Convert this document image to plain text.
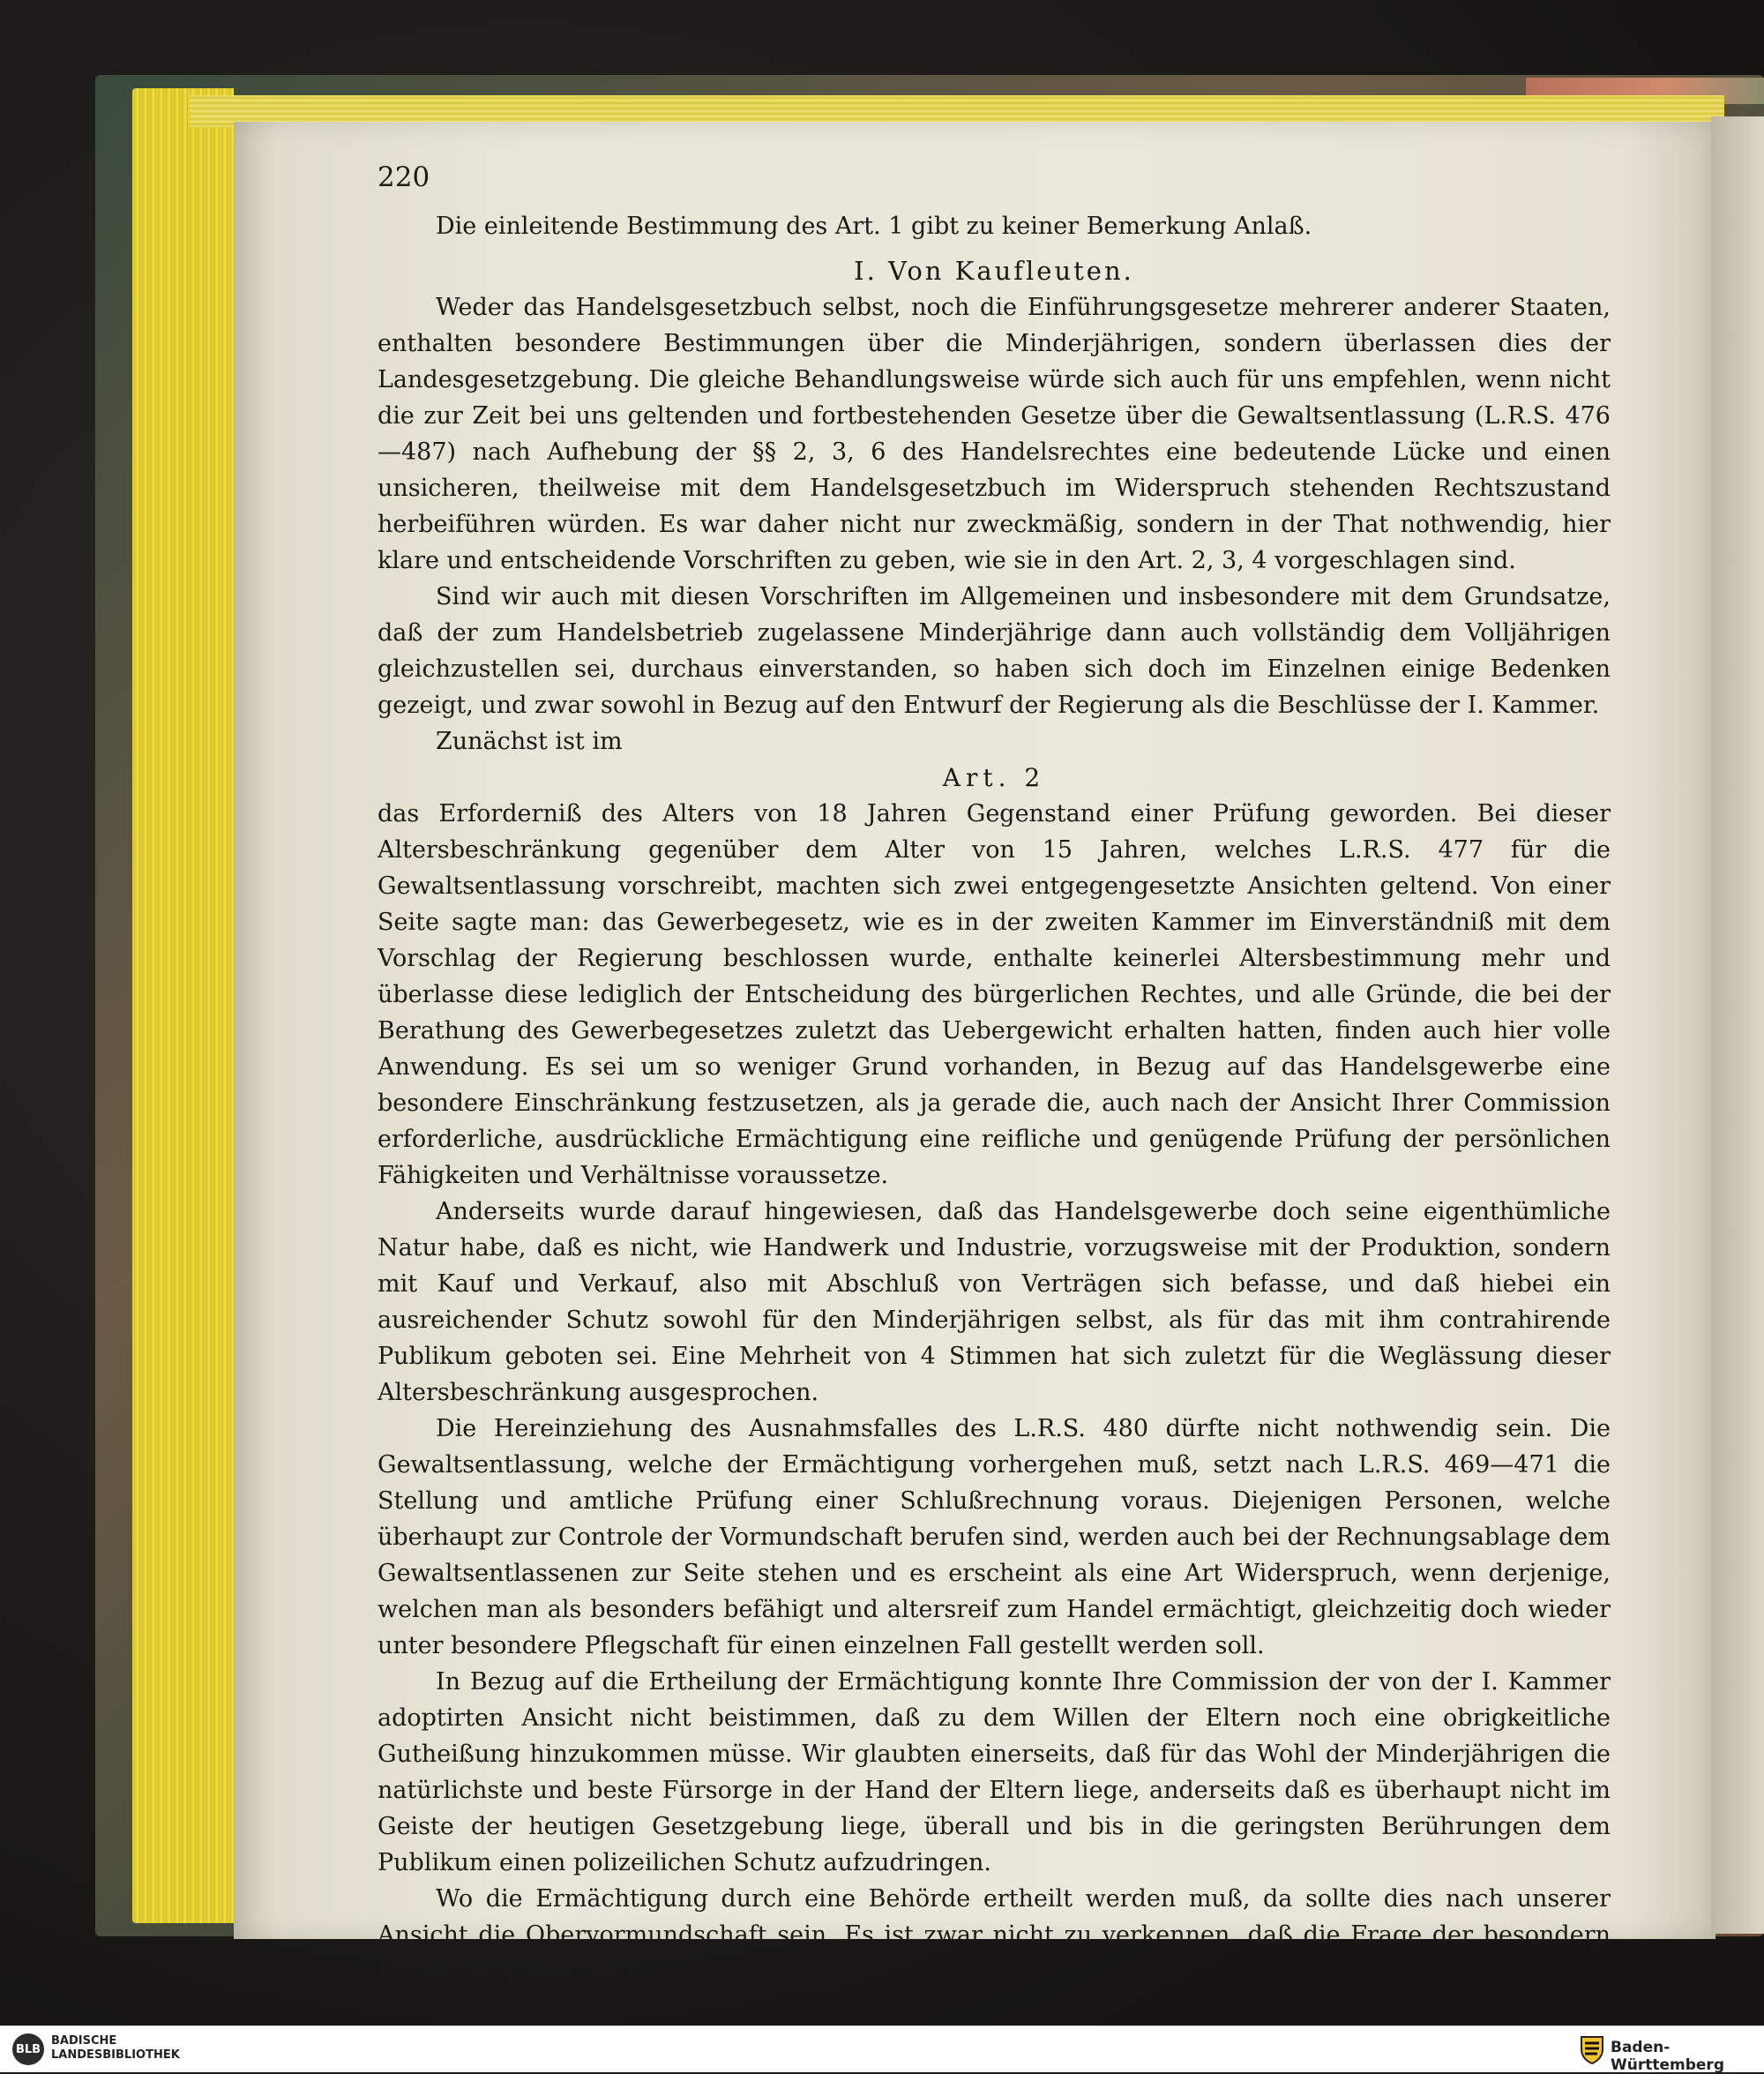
220

Die einleitende Bestimmung des Art. 1 gibt zu keiner Bemerkung Anlaß.

I. Von Kaufleuten.

Weder das Handelsgesetzbuch selbst, noch die Einführungsgesetze mehrerer anderer Staaten, enthalten besondere Bestimmungen über die Minderjährigen, sondern überlassen dies der Landesgesetzgebung. Die gleiche Behandlungsweise würde sich auch für uns empfehlen, wenn nicht die zur Zeit bei uns geltenden und fortbestehenden Gesetze über die Gewaltsentlassung (L.R.S. 476—487) nach Aufhebung der §§ 2, 3, 6 des Handelsrechtes eine bedeutende Lücke und einen unsicheren, theilweise mit dem Handelsgesetzbuch im Widerspruch stehenden Rechtszustand herbeiführen würden. Es war daher nicht nur zweckmäßig, sondern in der That nothwendig, hier klare und entscheidende Vorschriften zu geben, wie sie in den Art. 2, 3, 4 vorgeschlagen sind.

Sind wir auch mit diesen Vorschriften im Allgemeinen und insbesondere mit dem Grundsatze, daß der zum Handelsbetrieb zugelassene Minderjährige dann auch vollständig dem Volljährigen gleichzustellen sei, durchaus einverstanden, so haben sich doch im Einzelnen einige Bedenken gezeigt, und zwar sowohl in Bezug auf den Entwurf der Regierung als die Beschlüsse der I. Kammer.

Zunächst ist im

Art. 2

das Erforderniß des Alters von 18 Jahren Gegenstand einer Prüfung geworden. Bei dieser Altersbeschränkung gegenüber dem Alter von 15 Jahren, welches L.R.S. 477 für die Gewaltsentlassung vorschreibt, machten sich zwei entgegengesetzte Ansichten geltend. Von einer Seite sagte man: das Gewerbegesetz, wie es in der zweiten Kammer im Einverständniß mit dem Vorschlag der Regierung beschlossen wurde, enthalte keinerlei Altersbestimmung mehr und überlasse diese lediglich der Entscheidung des bürgerlichen Rechtes, und alle Gründe, die bei der Berathung des Gewerbegesetzes zuletzt das Uebergewicht erhalten hatten, finden auch hier volle Anwendung. Es sei um so weniger Grund vorhanden, in Bezug auf das Handelsgewerbe eine besondere Einschränkung festzusetzen, als ja gerade die, auch nach der Ansicht Ihrer Commission erforderliche, ausdrückliche Ermächtigung eine reifliche und genügende Prüfung der persönlichen Fähigkeiten und Verhältnisse voraussetze.

Anderseits wurde darauf hingewiesen, daß das Handelsgewerbe doch seine eigenthümliche Natur habe, daß es nicht, wie Handwerk und Industrie, vorzugsweise mit der Produktion, sondern mit Kauf und Verkauf, also mit Abschluß von Verträgen sich befasse, und daß hiebei ein ausreichender Schutz sowohl für den Minderjährigen selbst, als für das mit ihm contrahirende Publikum geboten sei. Eine Mehrheit von 4 Stimmen hat sich zuletzt für die Weglässung dieser Altersbeschränkung ausgesprochen.

Die Hereinziehung des Ausnahmsfalles des L.R.S. 480 dürfte nicht nothwendig sein. Die Gewaltsentlassung, welche der Ermächtigung vorhergehen muß, setzt nach L.R.S. 469—471 die Stellung und amtliche Prüfung einer Schlußrechnung voraus. Diejenigen Personen, welche überhaupt zur Controle der Vormundschaft berufen sind, werden auch bei der Rechnungsablage dem Gewaltsentlassenen zur Seite stehen und es erscheint als eine Art Widerspruch, wenn derjenige, welchen man als besonders befähigt und altersreif zum Handel ermächtigt, gleichzeitig doch wieder unter besondere Pflegschaft für einen einzelnen Fall gestellt werden soll.

In Bezug auf die Ertheilung der Ermächtigung konnte Ihre Commission der von der I. Kammer adoptirten Ansicht nicht beistimmen, daß zu dem Willen der Eltern noch eine obrigkeitliche Gutheißung hinzukommen müsse. Wir glaubten einerseits, daß für das Wohl der Minderjährigen die natürlichste und beste Fürsorge in der Hand der Eltern liege, anderseits daß es überhaupt nicht im Geiste der heutigen Gesetzgebung liege, überall und bis in die geringsten Berührungen dem Publikum einen polizeilichen Schutz aufzudringen.

Wo die Ermächtigung durch eine Behörde ertheilt werden muß, da sollte dies nach unserer Ansicht die Obervormundschaft sein. Es ist zwar nicht zu verkennen, daß die Frage der besondern Befähigung zum Han-

BLB
BADISCHE
LANDESBIBLIOTHEK	Baden-Württemberg
